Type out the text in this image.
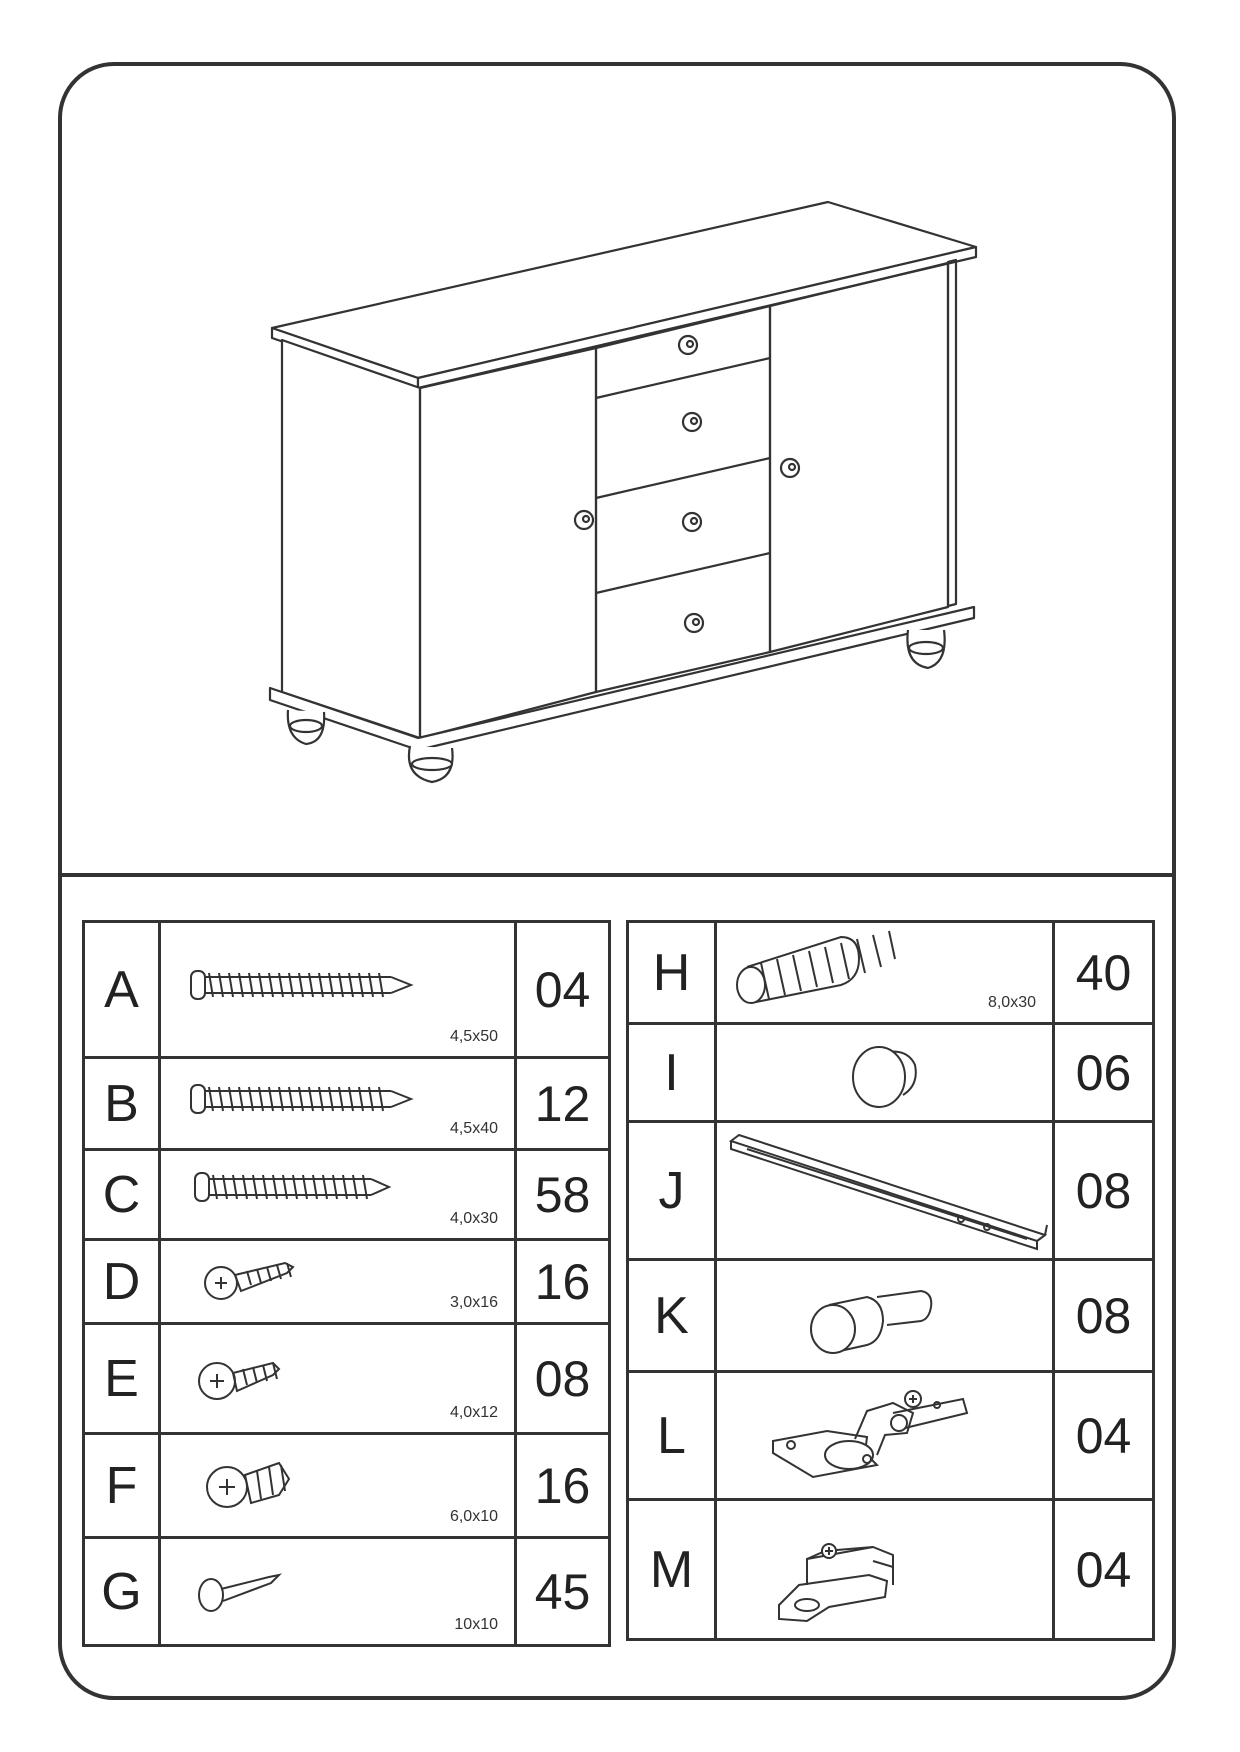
A	4,5x50	04
B	4,5x40	12
C	4,0x30	58
D	3,0x16	16
E	4,0x12	08
F	6,0x10	16
G	10x10	45
H	8,0x30	40
I		06
J		08
K		08
L		04
M		04
